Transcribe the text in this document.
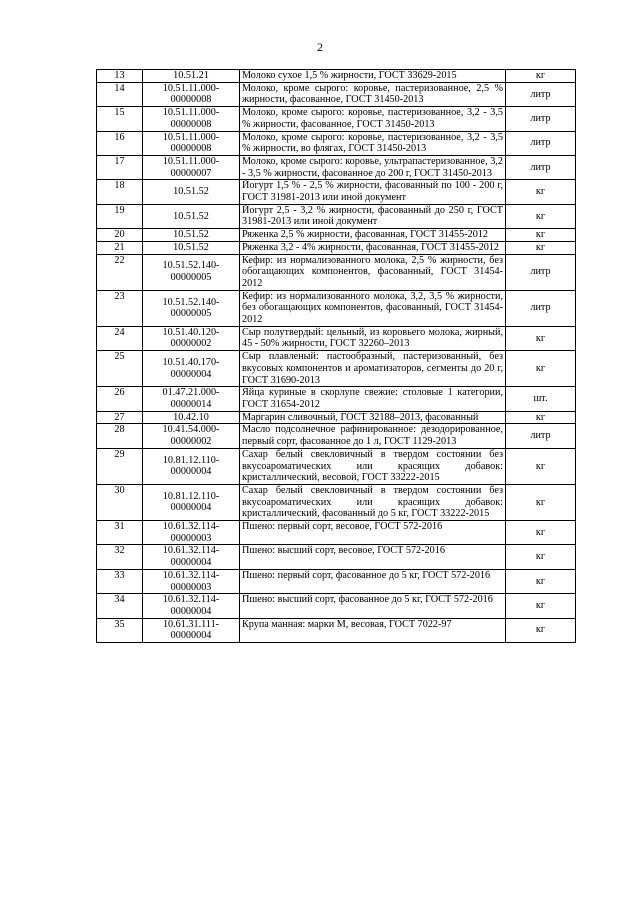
2
13	10.51.21	Молоко сухое 1,5 % жирности, ГОСТ 33629-2015	кг
14	10.51.11.000-00000008	Молоко, кроме сырого: коровье, пастеризованное, 2,5 % жирности, фасованное, ГОСТ 31450-2013	литр
15	10.51.11.000-00000008	Молоко, кроме сырого: коровье, пастеризованное, 3,2 - 3,5 % жирности, фасованное, ГОСТ 31450-2013	литр
16	10.51.11.000-00000008	Молоко, кроме сырого: коровье, пастеризованное, 3,2 - 3,5 % жирности, во флягах, ГОСТ 31450-2013	литр
17	10.51.11.000-00000007	Молоко, кроме сырого: коровье, ультрапастеризованное, 3,2 - 3,5 % жирности, фасованное до 200 г, ГОСТ 31450-2013	литр
18	10.51.52	Йогурт 1,5 % - 2,5 % жирности, фасованный по 100 - 200 г, ГОСТ 31981-2013 или иной документ	кг
19	10.51.52	Йогурт 2,5 - 3,2 % жирности, фасованный до 250 г, ГОСТ 31981-2013 или иной документ	кг
20	10.51.52	Ряженка 2,5 % жирности, фасованная, ГОСТ 31455-2012	кг
21	10.51.52	Ряженка 3,2 - 4% жирности, фасованная, ГОСТ 31455-2012	кг
22	10.51.52.140-00000005	Кефир: из нормализованного молока, 2,5 % жирности, без обогащающих компонентов, фасованный, ГОСТ 31454-2012	литр
23	10.51.52.140-00000005	Кефир: из нормализованного молока, 3,2, 3,5 % жирности, без обогащающих компонентов, фасованный, ГОСТ 31454-2012	литр
24	10.51.40.120-00000002	Сыр полутвердый: цельный, из коровьего молока, жирный, 45 - 50% жирности, ГОСТ 32260–2013	кг
25	10.51.40.170-00000004	Сыр плавленый: пастообразный, пастеризованный, без вкусовых компонентов и ароматизаторов, сегменты до 20 г, ГОСТ 31690-2013	кг
26	01.47.21.000-00000014	Яйца куриные в скорлупе свежие: столовые 1 категории, ГОСТ 31654-2012	шт.
27	10.42.10	Маргарин сливочный, ГОСТ 32188–2013, фасованный	кг
28	10.41.54.000-00000002	Масло подсолнечное рафинированное: дезодорированное, первый сорт, фасованное до 1 л, ГОСТ 1129-2013	литр
29	10.81.12.110-00000004	Сахар белый свекловичный в твердом состоянии без вкусоароматических или красящих добавок: кристаллический, весовой, ГОСТ 33222-2015	кг
30	10.81.12.110-00000004	Сахар белый свекловичный в твердом состоянии без вкусоароматических или красящих добавок: кристаллический, фасованный до 5 кг, ГОСТ 33222-2015	кг
31	10.61.32.114-00000003	Пшено: первый сорт, весовое, ГОСТ 572-2016	кг
32	10.61.32.114-00000004	Пшено: высший сорт, весовое, ГОСТ 572-2016	кг
33	10.61.32.114-00000003	Пшено: первый сорт, фасованное до 5 кг, ГОСТ 572-2016	кг
34	10.61.32.114-00000004	Пшено: высший сорт, фасованное до 5 кг, ГОСТ 572-2016	кг
35	10.61.31.111-00000004	Крупа манная: марки М, весовая, ГОСТ 7022-97	кг
